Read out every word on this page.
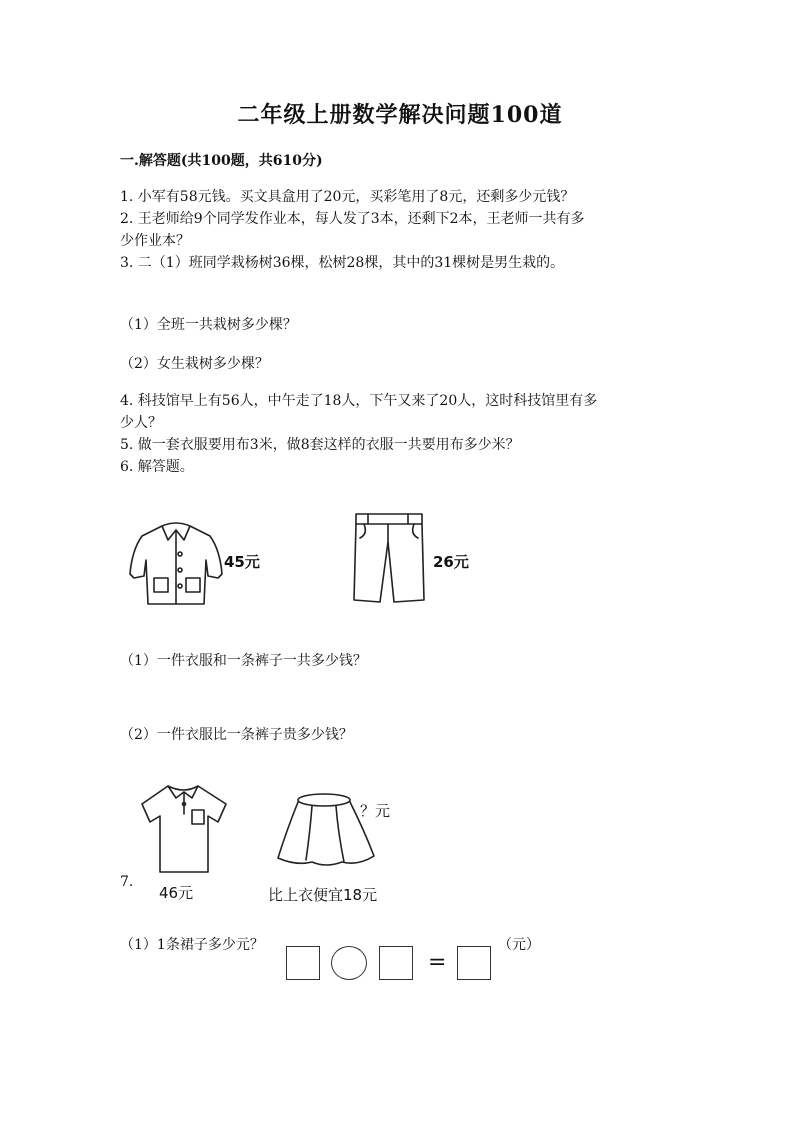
二年级上册数学解决问题100道
一.解答题(共100题，共610分)
1. 小军有58元钱。买文具盒用了20元，买彩笔用了8元，还剩多少元钱？
2. 王老师给9个同学发作业本，每人发了3本，还剩下2本，王老师一共有多
少作业本？
3. 二（1）班同学栽杨树36棵，松树28棵，其中的31棵树是男生栽的。
（1）全班一共栽树多少棵？
（2）女生栽树多少棵？
4. 科技馆早上有56人，中午走了18人，下午又来了20人，这时科技馆里有多
少人？
5. 做一套衣服要用布3米，做8套这样的衣服一共要用布多少米？
6. 解答题。
45元	26元
（1）一件衣服和一条裤子一共多少钱？
（2）一件衣服比一条裤子贵多少钱？
46元
？元
比上衣便宜18元
7.
（1）1条裙子多少元？
=
（元）
